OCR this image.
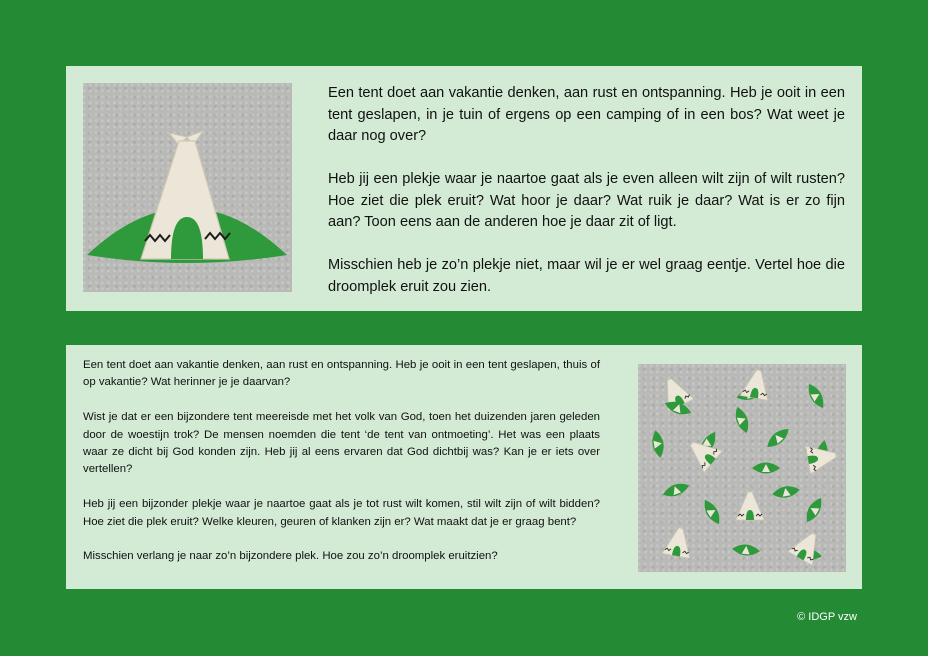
Een tent doet aan vakantie denken, aan rust en ontspanning. Heb je ooit in een tent geslapen, in je tuin of ergens op een camping of in een bos? Wat weet je daar nog over?

Heb jij een plekje waar je naartoe gaat als je even alleen wilt zijn of wilt rusten? Hoe ziet die plek eruit? Wat hoor je daar? Wat ruik je daar? Wat is er zo fijn aan? Toon eens aan de anderen hoe je daar zit of ligt.

Misschien heb je zo’n plekje niet, maar wil je er wel graag eentje. Vertel hoe die droomplek eruit zou zien.

Een tent doet aan vakantie denken, aan rust en ontspanning. Heb je ooit in een tent geslapen, thuis of op vakantie? Wat herinner je je daarvan?

Wist je dat er een bijzondere tent meereisde met het volk van God, toen het duizenden jaren geleden door de woestijn trok? De mensen noemden die tent ‘de tent van ontmoeting’. Het was een plaats waar ze dicht bij God konden zijn. Heb jij al eens ervaren dat God dichtbij was? Kan je er iets over vertellen?

Heb jij een bijzonder plekje waar je naartoe gaat als je tot rust wilt komen, stil wilt zijn of wilt bidden? Hoe ziet die plek eruit? Welke kleuren, geuren of klanken zijn er? Wat maakt dat je er graag bent?

Misschien verlang je naar zo’n bijzondere plek. Hoe zou zo’n droomplek eruitzien?

© IDGP vzw
